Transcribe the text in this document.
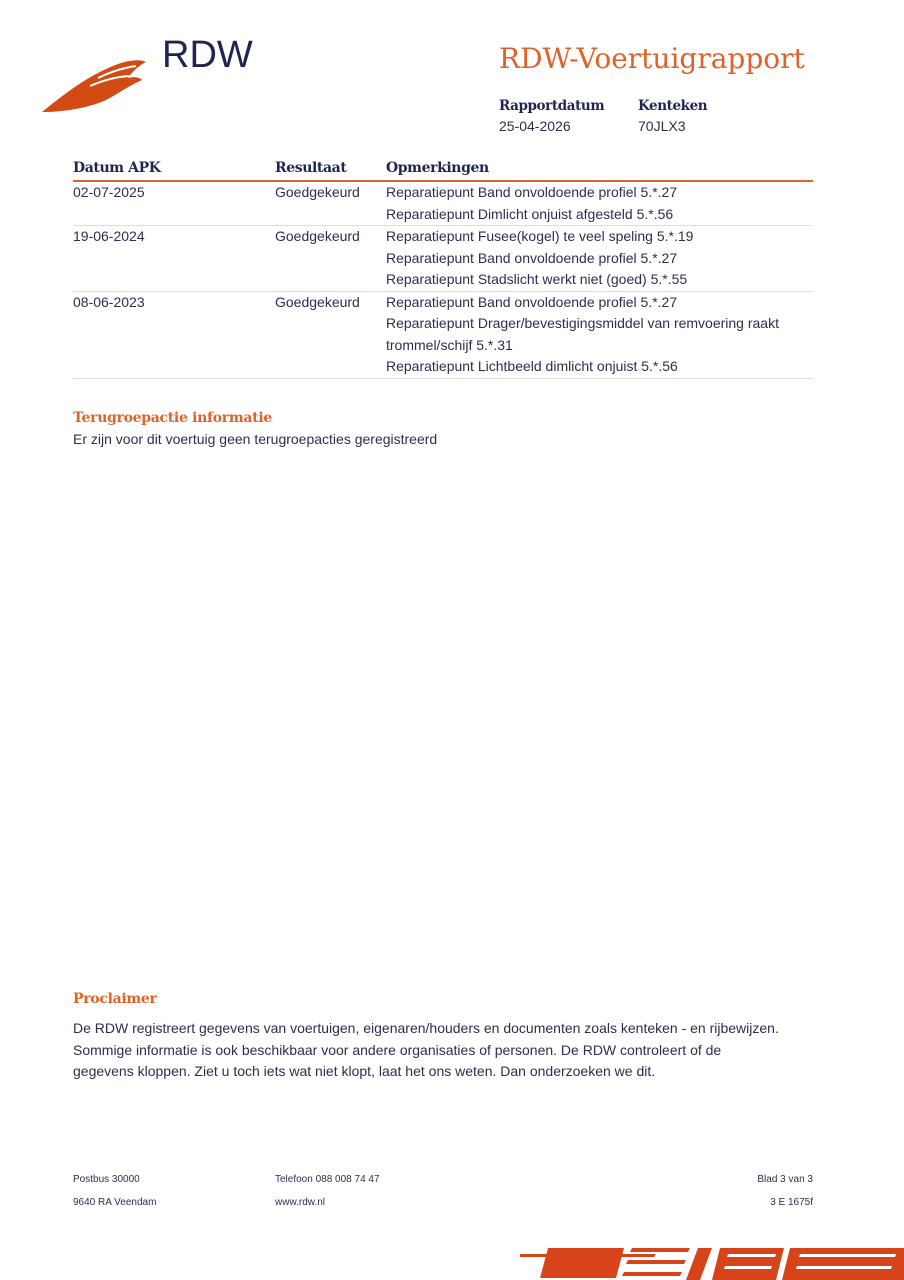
RDW	RDW-Voertuigrapport
Rapportdatum
25-04-2026
Kenteken
70JLX3
Datum APK	Resultaat	Opmerkingen
02-07-2025	Goedgekeurd Reparatiepunt Band onvoldoende profiel 5.*.27
Reparatiepunt Dimlicht onjuist afgesteld 5.*.56
19-06-2024	Goedgekeurd Reparatiepunt Fusee(kogel) te veel speling 5.*.19
Reparatiepunt Band onvoldoende profiel 5.*.27
Reparatiepunt Stadslicht werkt niet (goed) 5.*.55
08-06-2023	Goedgekeurd Reparatiepunt Band onvoldoende profiel 5.*.27
Reparatiepunt Drager/bevestigingsmiddel van remvoering raakt trommel/schijf 5.*.31
Reparatiepunt Lichtbeeld dimlicht onjuist 5.*.56
Terugroepactie informatie
Er zijn voor dit voertuig geen terugroepacties geregistreerd
Proclaimer
De RDW registreert gegevens van voertuigen, eigenaren/houders en documenten zoals kenteken - en rijbewijzen. Sommige informatie is ook beschikbaar voor andere organisaties of personen. De RDW controleert of de gegevens kloppen. Ziet u toch iets wat niet klopt, laat het ons weten. Dan onderzoeken we dit.
Postbus 30000
9640 RA Veendam
Telefoon 088 008 74 47
www.rdw.nl
Blad 3 van 3
3 E 1675f
